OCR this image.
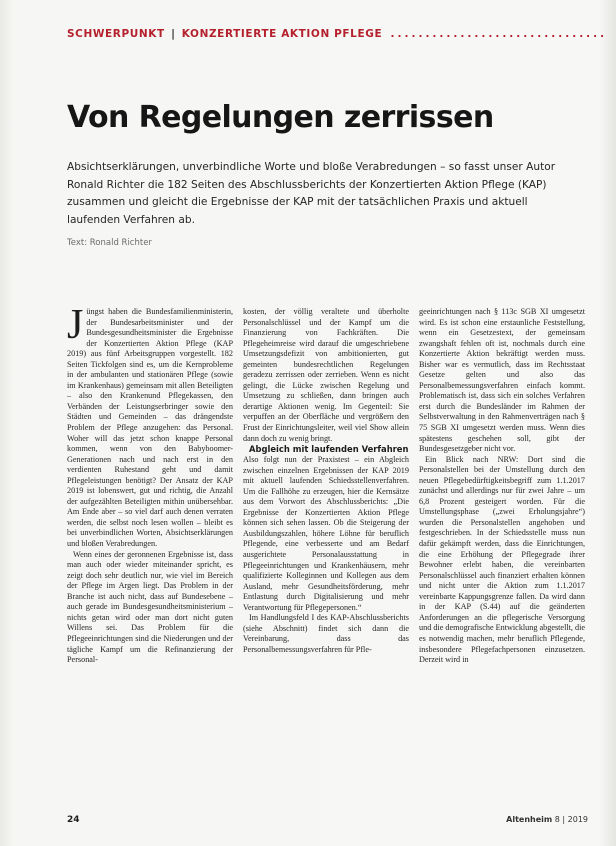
SCHWERPUNKT | KONZERTIERTE AKTION PFLEGE ...............................
Von Regelungen zerrissen

Absichtserklärungen, unverbindliche Worte und bloße Verabredungen – so fasst unser Autor Ronald Richter die 182 Seiten des Abschlussberichts der Konzertierten Aktion Pflege (KAP) zusammen und gleicht die Ergebnisse der KAP mit der tatsächlichen Praxis und aktuell laufenden Verfahren ab.

Text: Ronald Richter

Jüngst haben die Bundesfamilienministerin, der Bundesarbeitsminister und der Bundesgesundheitsminister die Ergebnisse der Konzertierten Aktion Pflege (KAP 2019) aus fünf Arbeitsgruppen vorgestellt. 182 Seiten Tickfolgen sind es, um die Kernprobleme in der ambulanten und stationären Pflege (sowie im Krankenhaus) gemeinsam mit allen Beteiligten – also den Krankenund Pflegekassen, den Verbänden der Leistungserbringer sowie den Städten und Gemeinden – das drängendste Problem der Pflege anzugehen: das Personal. Woher will das jetzt schon knappe Personal kommen, wenn von den Babyboomer-Generationen nach und nach erst in den verdienten Ruhestand geht und damit Pflegeleistungen benötigt? Der Ansatz der KAP 2019 ist lobenswert, gut und richtig, die Anzahl der aufgezählten Beteiligten mithin unübersehbar. Am Ende aber – so viel darf auch denen verraten werden, die selbst noch lesen wollen – bleibt es bei unverbindlichen Worten, Absichtserklärungen und bloßen Verabredungen.

Wenn eines der geronnenen Ergebnisse ist, dass man auch oder wieder miteinander spricht, es zeigt doch sehr deutlich nur, wie viel im Bereich der Pflege im Argen liegt. Das Problem in der Branche ist auch nicht, dass auf Bundesebene – auch gerade im Bundesgesundheitsministerium – nichts getan wird oder man dort nicht guten Willens sei. Das Problem für die Pflegeeinrichtungen sind die Niederungen und der tägliche Kampf um die Refinanzierung der Personal-

kosten, der völlig veraltete und überholte Personalschlüssel und der Kampf um die Finanzierung von Fachkräften. Die Pflegeheimreise wird darauf die umgeschriebene Umsetzungsdefizit von ambitionierten, gut gemeinten bundesrechtlichen Regelungen geradezu zerrissen oder zerrieben. Wenn es nicht gelingt, die Lücke zwischen Regelung und Umsetzung zu schließen, dann bringen auch derartige Aktionen wenig. Im Gegenteil: Sie verpuffen an der Oberfläche und vergrößern den Frust der Einrichtungsleiter, weil viel Show allein dann doch zu wenig bringt.

Abgleich mit laufenden Verfahren

Also folgt nun der Praxistest – ein Abgleich zwischen einzelnen Ergebnissen der KAP 2019 mit aktuell laufenden Schiedsstellenverfahren. Um die Fallhöhe zu erzeugen, hier die Kernsätze aus dem Vorwort des Abschlussberichts: „Die Ergebnisse der Konzertierten Aktion Pflege können sich sehen lassen. Ob die Steigerung der Ausbildungszahlen, höhere Löhne für beruflich Pflegende, eine verbesserte und am Bedarf ausgerichtete Personalausstattung in Pflegeeinrichtungen und Krankenhäusern, mehr qualifizierte Kolleginnen und Kollegen aus dem Ausland, mehr Gesundheitsförderung, mehr Entlastung durch Digitalisierung und mehr Verantwortung für Pflegepersonen.“

Im Handlungsfeld I des KAP-Abschlussberichts (siehe Abschnitt) findet sich dann die Vereinbarung, dass das Personalbemessungsverfahren für Pfle-

geeinrichtungen nach § 113c SGB XI umgesetzt wird. Es ist schon eine erstaunliche Feststellung, wenn ein Gesetzestext, der gemeinsam zwangshaft fehlen oft ist, nochmals durch eine Konzertierte Aktion bekräftigt werden muss. Bisher war es vermutlich, dass im Rechtsstaat Gesetze gelten und also das Personalbemessungsverfahren einfach kommt. Problematisch ist, dass sich ein solches Verfahren erst durch die Bundesländer im Rahmen der Selbstverwaltung in den Rahmenverträgen nach § 75 SGB XI umgesetzt werden muss. Wenn dies spätestens geschehen soll, gibt der Bundesgesetzgeber nicht vor.

Ein Blick nach NRW: Dort sind die Personalstellen bei der Umstellung durch den neuen Pflegebedürftigkeitsbegriff zum 1.1.2017 zunächst und allerdings nur für zwei Jahre – um 6,8 Prozent gesteigert worden. Für die Umstellungsphase („zwei Erholungsjahre“) wurden die Personalstellen angehoben und festgeschrieben. In der Schiedsstelle muss nun dafür gekämpft werden, dass die Einrichtungen, die eine Erhöhung der Pflegegrade ihrer Bewohner erlebt haben, die vereinbarten Personalschlüssel auch finanziert erhalten können und nicht unter die Aktion zum 1.1.2017 vereinbarte Kappungsgrenze fallen. Da wird dann in der KAP (S.44) auf die geänderten Anforderungen an die pflegerische Versorgung und die demografische Entwicklung abgestellt, die es notwendig machen, mehr beruflich Pflegende, insbesondere Pflegefachpersonen einzusetzen. Derzeit wird in

24	Altenheim 8 | 2019
